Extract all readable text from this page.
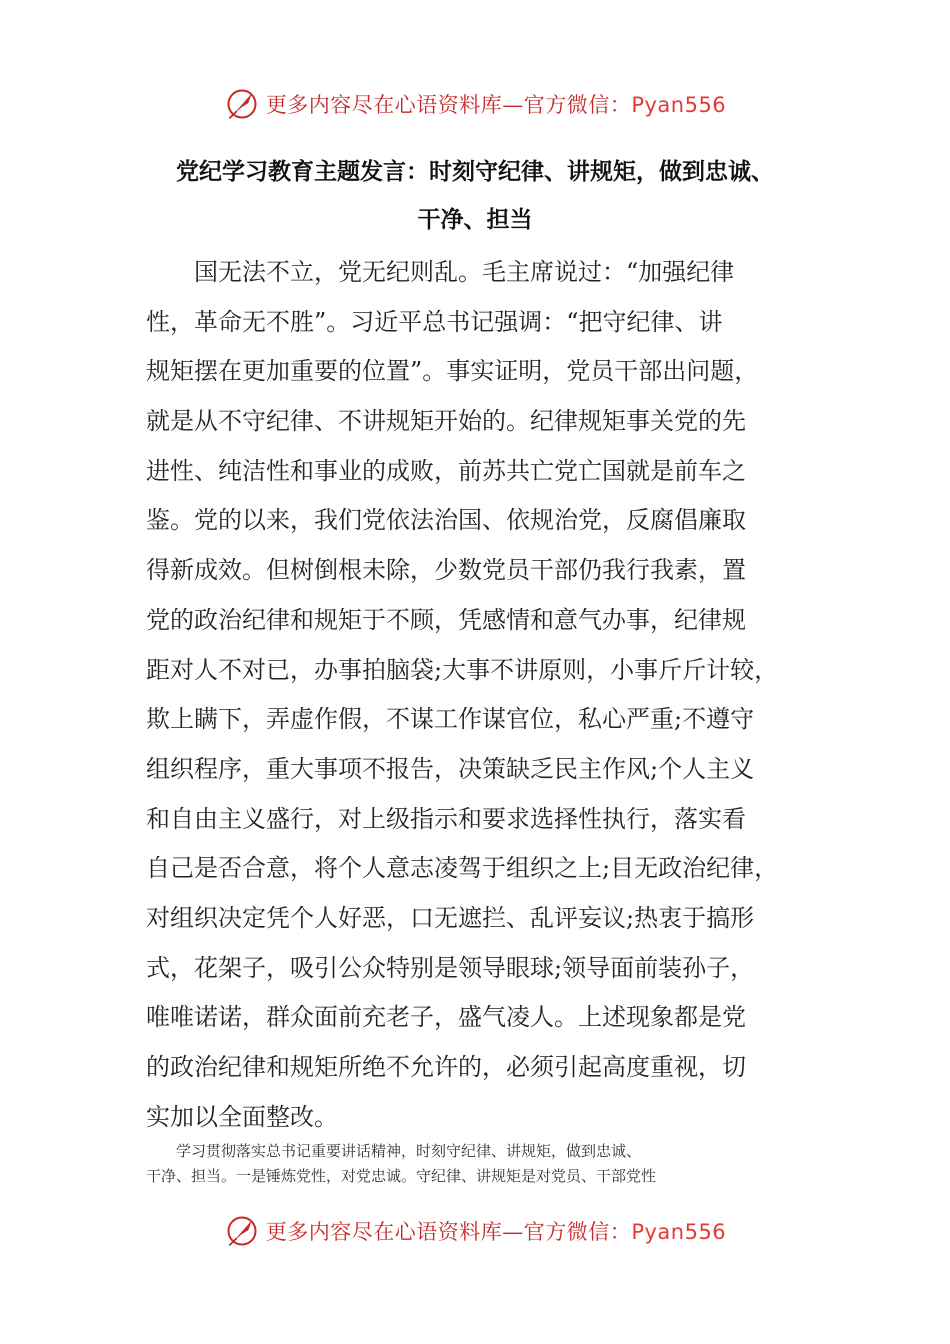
更多内容尽在心语资料库—官方微信：Pyan556
党纪学习教育主题发言：时刻守纪律、讲规矩，做到忠诚、
干净、担当
　　国无法不立，党无纪则乱。毛主席说过：“加强纪律
性，革命无不胜”。习近平总书记强调：“把守纪律、讲
规矩摆在更加重要的位置”。事实证明，党员干部出问题，
就是从不守纪律、不讲规矩开始的。纪律规矩事关党的先
进性、纯洁性和事业的成败，前苏共亡党亡国就是前车之
鉴。党的以来，我们党依法治国、依规治党，反腐倡廉取
得新成效。但树倒根未除，少数党员干部仍我行我素，置
党的政治纪律和规矩于不顾，凭感情和意气办事，纪律规
距对人不对已，办事拍脑袋;大事不讲原则，小事斤斤计较，
欺上瞒下，弄虚作假，不谋工作谋官位，私心严重;不遵守
组织程序，重大事项不报告，决策缺乏民主作风;个人主义
和自由主义盛行，对上级指示和要求选择性执行，落实看
自己是否合意，将个人意志凌驾于组织之上;目无政治纪律，
对组织决定凭个人好恶，口无遮拦、乱评妄议;热衷于搞形
式，花架子，吸引公众特别是领导眼球;领导面前装孙子，
唯唯诺诺，群众面前充老子，盛气凌人。上述现象都是党
的政治纪律和规矩所绝不允许的，必须引起高度重视，切
实加以全面整改。
　　学习贯彻落实总书记重要讲话精神，时刻守纪律、讲规矩，做到忠诚、
干净、担当。一是锤炼党性，对党忠诚。守纪律、讲规矩是对党员、干部党性
更多内容尽在心语资料库—官方微信：Pyan556
